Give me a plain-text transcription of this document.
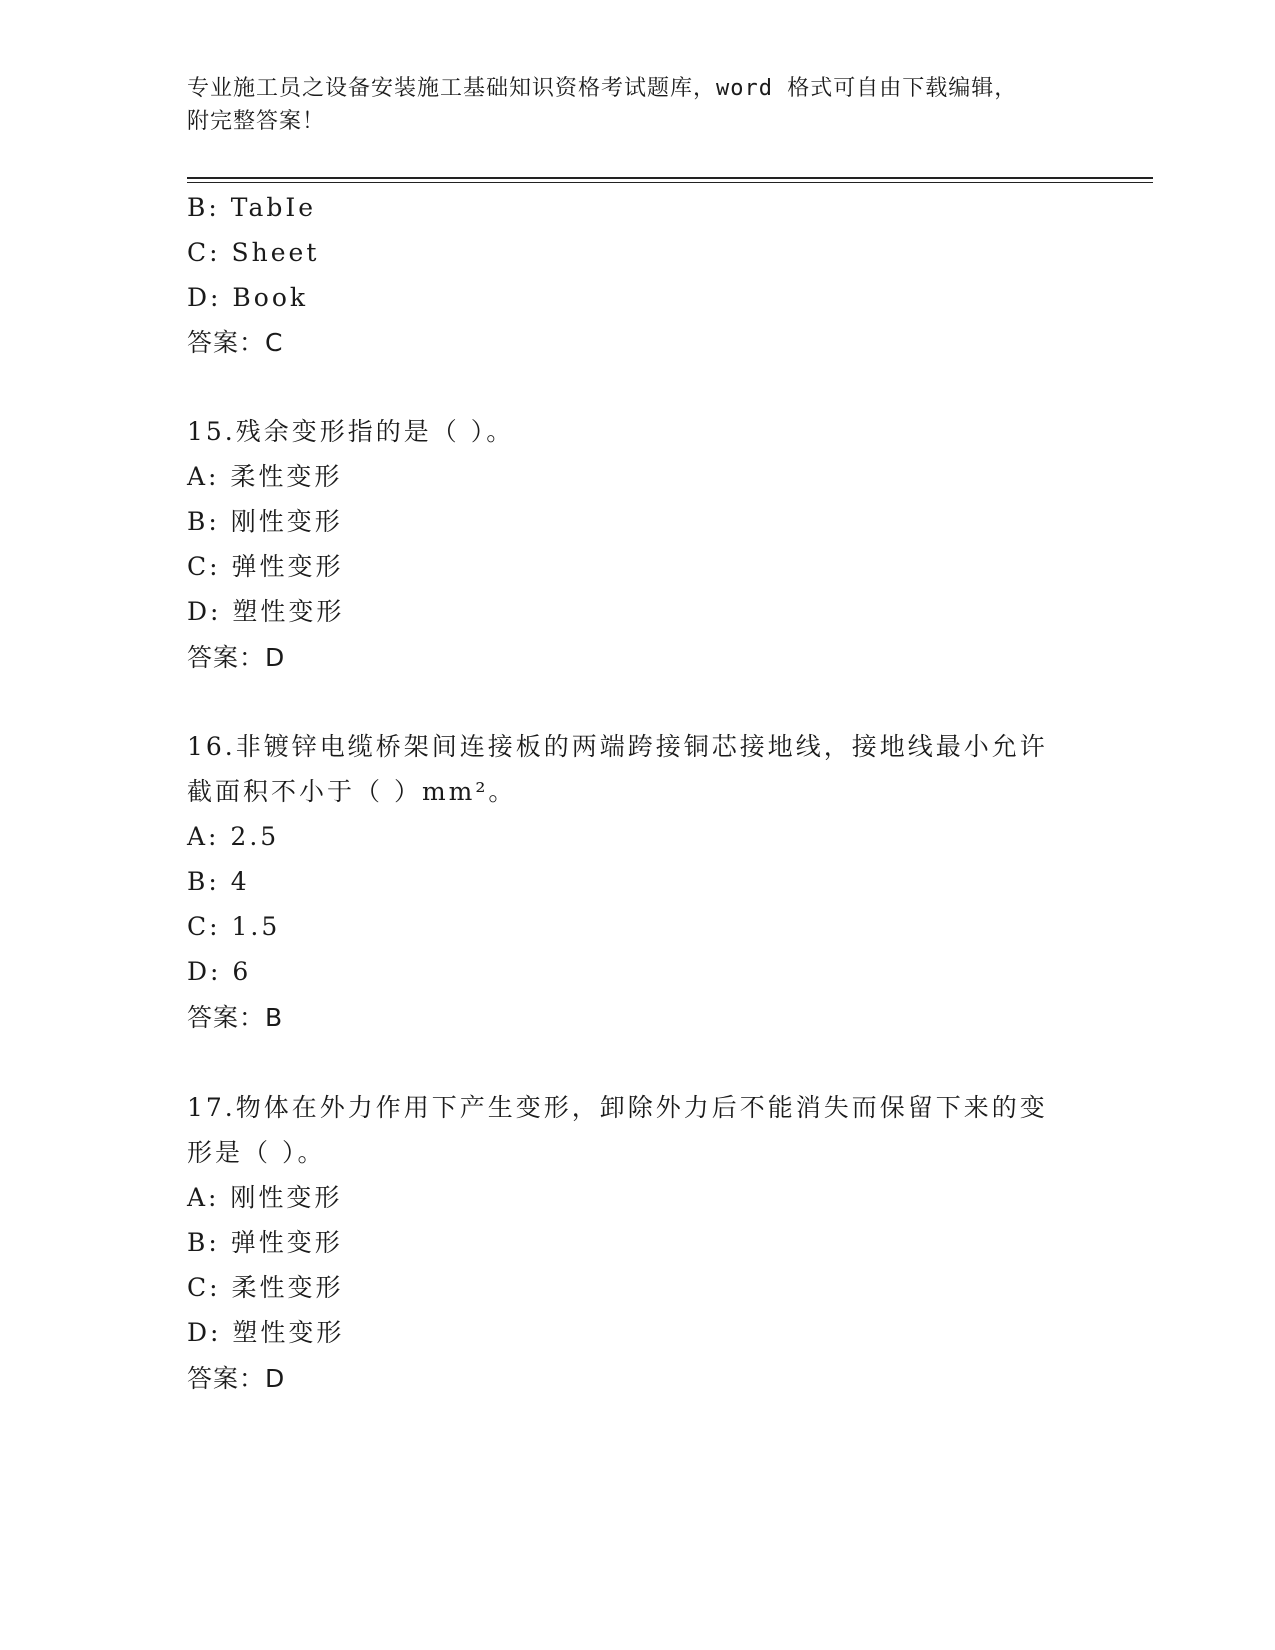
专业施工员之设备安装施工基础知识资格考试题库，word 格式可自由下载编辑，
附完整答案！
B: TabIe
C: Sheet
D: Book
答案：C
15.残余变形指的是（ ）。
A: 柔性变形
B: 刚性变形
C: 弹性变形
D: 塑性变形
答案：D
16.非镀锌电缆桥架间连接板的两端跨接铜芯接地线，接地线最小允许
截面积不小于（ ）mm²。
A: 2.5
B: 4
C: 1.5
D: 6
答案：B
17.物体在外力作用下产生变形，卸除外力后不能消失而保留下来的变
形是（ ）。
A: 刚性变形
B: 弹性变形
C: 柔性变形
D: 塑性变形
答案：D
